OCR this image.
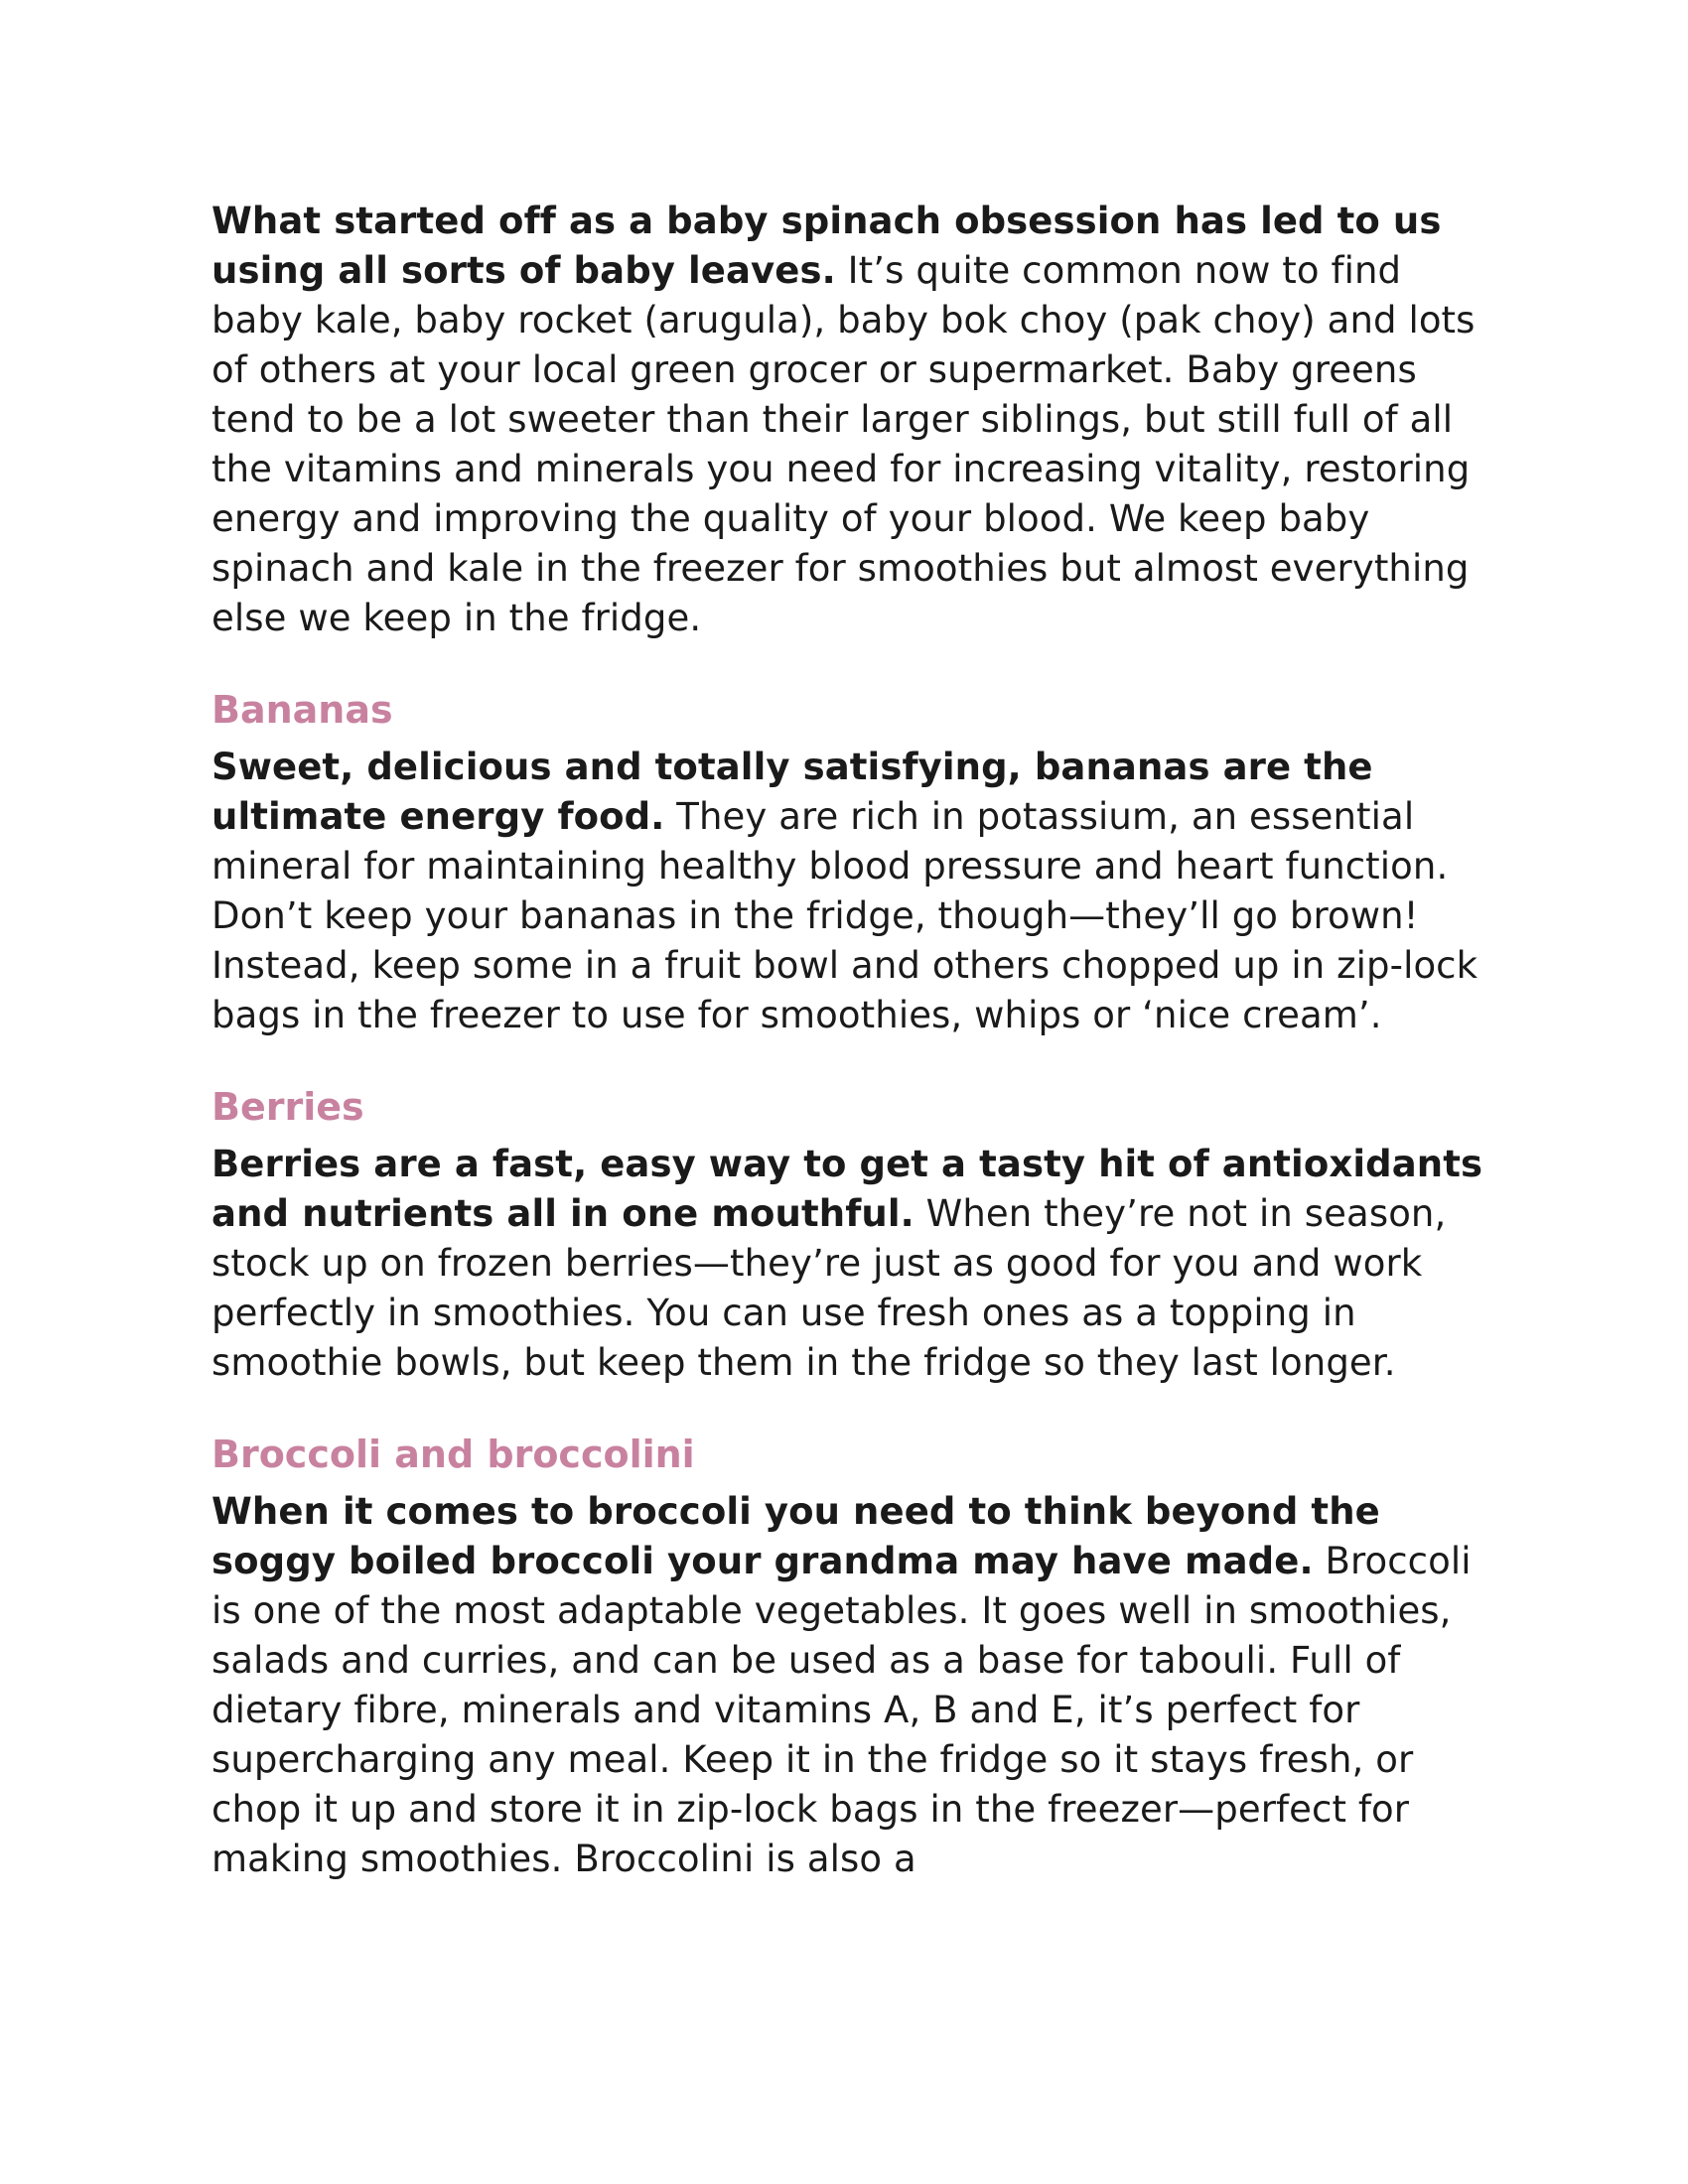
What started off as a baby spinach obsession has led to us using all sorts of baby leaves. It’s quite common now to find baby kale, baby rocket (arugula), baby bok choy (pak choy) and lots of others at your local green grocer or supermarket. Baby greens tend to be a lot sweeter than their larger siblings, but still full of all the vitamins and minerals you need for increasing vitality, restoring energy and improving the quality of your blood. We keep baby spinach and kale in the freezer for smoothies but almost everything else we keep in the fridge.

Bananas

Sweet, delicious and totally satisfying, bananas are the ultimate energy food. They are rich in potassium, an essential mineral for maintaining healthy blood pressure and heart function. Don’t keep your bananas in the fridge, though—they’ll go brown! Instead, keep some in a fruit bowl and others chopped up in zip-lock bags in the freezer to use for smoothies, whips or ‘nice cream’.

Berries

Berries are a fast, easy way to get a tasty hit of antioxidants and nutrients all in one mouthful. When they’re not in season, stock up on frozen berries—they’re just as good for you and work perfectly in smoothies. You can use fresh ones as a topping in smoothie bowls, but keep them in the fridge so they last longer.

Broccoli and broccolini

When it comes to broccoli you need to think beyond the soggy boiled broccoli your grandma may have made. Broccoli is one of the most adaptable vegetables. It goes well in smoothies, salads and curries, and can be used as a base for tabouli. Full of dietary fibre, minerals and vitamins A, B and E, it’s perfect for supercharging any meal. Keep it in the fridge so it stays fresh, or chop it up and store it in zip-lock bags in the freezer—perfect for making smoothies. Broccolini is also a
